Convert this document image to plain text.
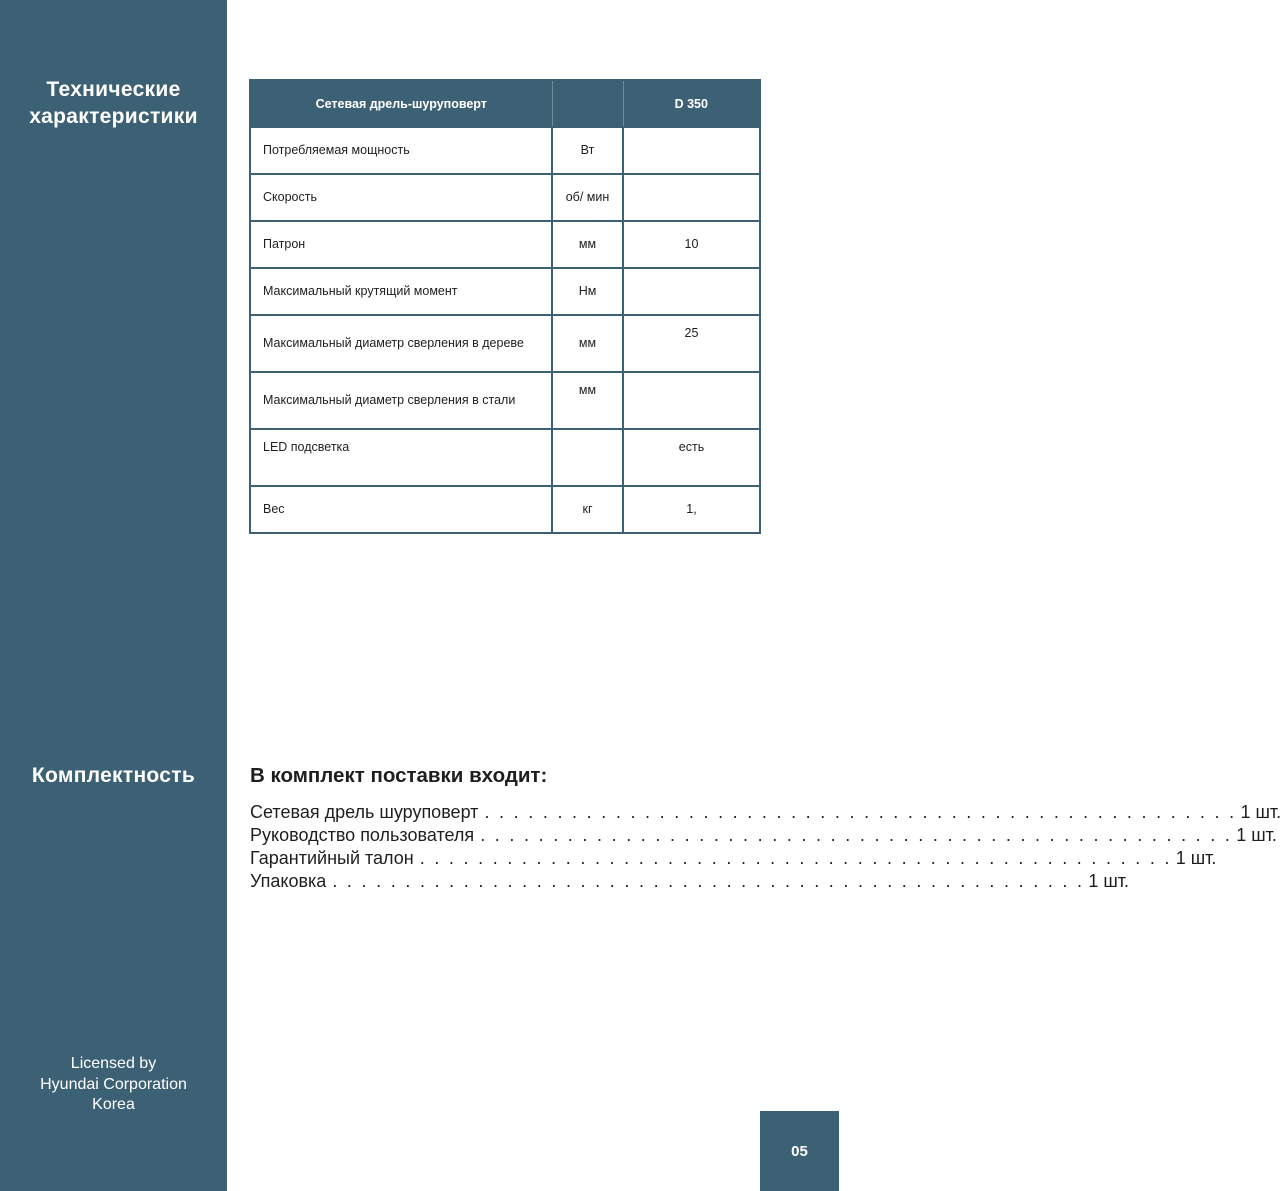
Технические
характеристики
Комплектность
Licensed by
Hyundai Corporation
Korea
Сетевая дрель-шуруповерт		D 350
Потребляемая мощность	Вт	
Скорость	об/ мин	
Патрон	мм	10
Максимальный крутящий момент	Нм	
Максимальный диаметр сверления в дереве	мм	25
Максимальный диаметр сверления в стали	мм	
LED подсветка		есть
Вес	кг	1,
В комплект поставки входит:
Сетевая дрель шуруповерт . . . . . . . . . . . . . . . . . . . . . . . . . . . . . . . . . . . . . . . . . . . . . . . . . . . . 1 шт.
Руководство пользователя . . . . . . . . . . . . . . . . . . . . . . . . . . . . . . . . . . . . . . . . . . . . . . . . . . . . 1 шт.
Гарантийный талон . . . . . . . . . . . . . . . . . . . . . . . . . . . . . . . . . . . . . . . . . . . . . . . . . . . . 1 шт.
Упаковка . . . . . . . . . . . . . . . . . . . . . . . . . . . . . . . . . . . . . . . . . . . . . . . . . . . . 1 шт.
05
